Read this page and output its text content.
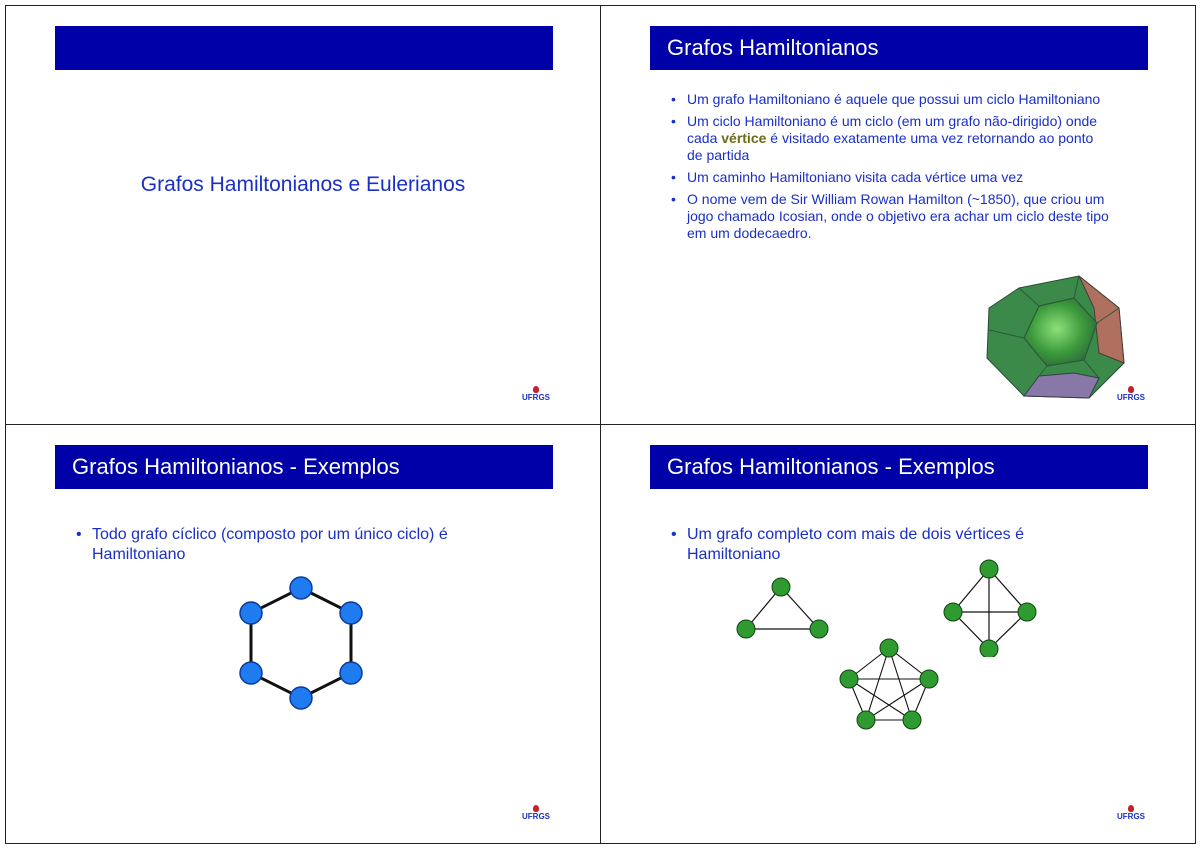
Grafos Hamiltonianos e Eulerianos
UFRGS
Grafos Hamiltonianos
• Um grafo Hamiltoniano é aquele que possui um ciclo Hamiltoniano
• Um ciclo Hamiltoniano é um ciclo (em um grafo não-dirigido) onde cada vértice é visitado exatamente uma vez retornando ao ponto de partida
• Um caminho Hamiltoniano visita cada vértice uma vez
• O nome vem de Sir William Rowan Hamilton (~1850), que criou um jogo chamado Icosian, onde o objetivo era achar um ciclo deste tipo em um dodecaedro.
UFRGS
Grafos Hamiltonianos - Exemplos
• Todo grafo cíclico (composto por um único ciclo) é Hamiltoniano
UFRGS
Grafos Hamiltonianos - Exemplos
• Um grafo completo com mais de dois vértices é Hamiltoniano
UFRGS
